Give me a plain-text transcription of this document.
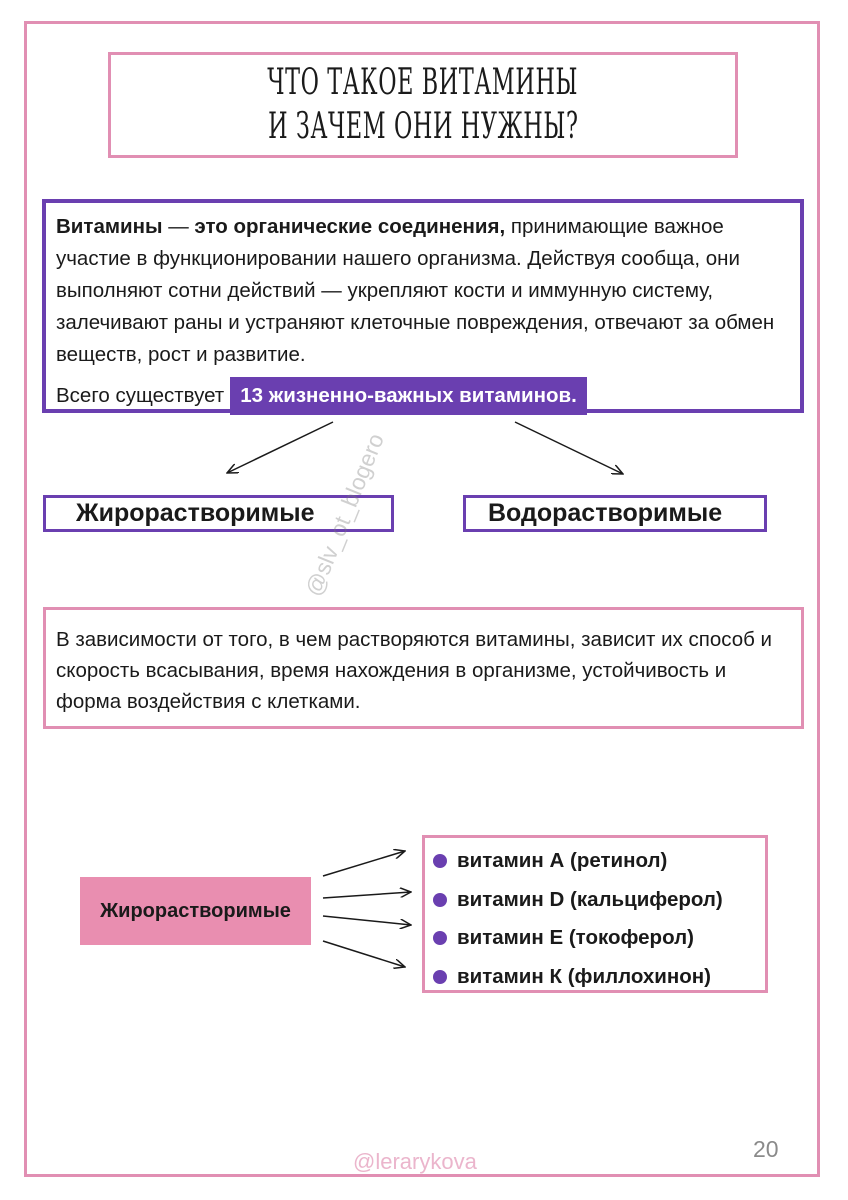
ЧТО ТАКОЕ ВИТАМИНЫ
И ЗАЧЕМ ОНИ НУЖНЫ?

Витамины — это органические соединения, принимающие важное участие в функционировании нашего организма. Действуя сообща, они выполняют сотни действий — укрепляют кости и иммунную систему, залечивают раны и устраняют клеточные повреждения, отвечают за обмен веществ, рост и развитие.

Всего существует 13 жизненно-важных витаминов.

Жирорастворимые	Водорастворимые

В зависимости от того, в чем растворяются витамины, зависит их способ и скорость всасывания, время нахождения в организме, устойчивость и форма воздействия с клетками.

Жирорастворимые
витамин А (ретинол)
витамин D (кальциферол)
витамин Е (токоферол)
витамин К (филлохинон)
@slv_ot_blogero
@lerarykova	20
